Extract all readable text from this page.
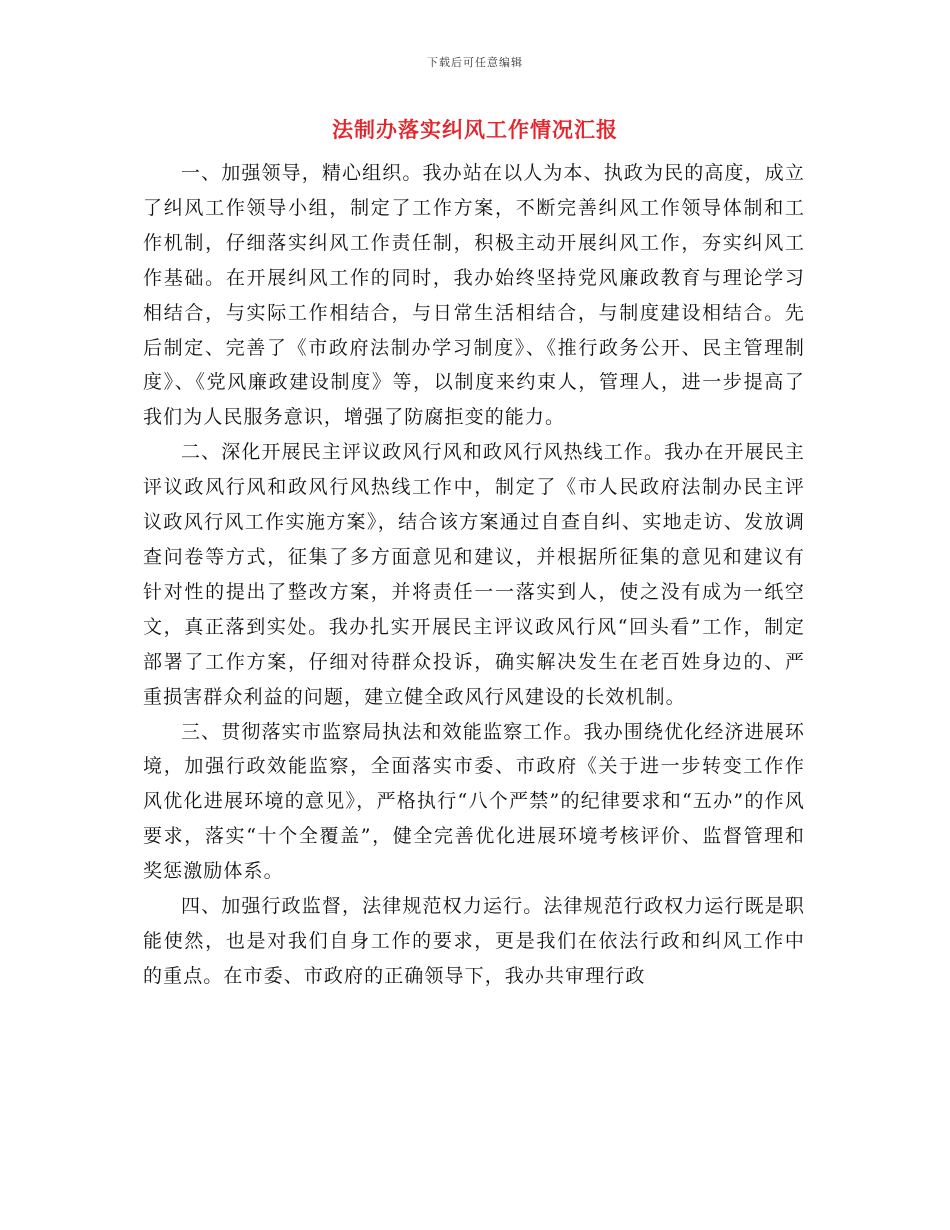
下载后可任意编辑
法制办落实纠风工作情况汇报

一、加强领导，精心组织。我办站在以人为本、执政为民的高度，成立了纠风工作领导小组，制定了工作方案，不断完善纠风工作领导体制和工作机制，仔细落实纠风工作责任制，积极主动开展纠风工作，夯实纠风工作基础。在开展纠风工作的同时，我办始终坚持党风廉政教育与理论学习相结合，与实际工作相结合，与日常生活相结合，与制度建设相结合。先后制定、完善了《市政府法制办学习制度》、《推行政务公开、民主管理制度》、《党风廉政建设制度》等，以制度来约束人，管理人，进一步提高了我们为人民服务意识，增强了防腐拒变的能力。

二、深化开展民主评议政风行风和政风行风热线工作。我办在开展民主评议政风行风和政风行风热线工作中，制定了《市人民政府法制办民主评议政风行风工作实施方案》，结合该方案通过自查自纠、实地走访、发放调查问卷等方式，征集了多方面意见和建议，并根据所征集的意见和建议有针对性的提出了整改方案，并将责任一一落实到人，使之没有成为一纸空文，真正落到实处。我办扎实开展民主评议政风行风“回头看”工作，制定部署了工作方案，仔细对待群众投诉，确实解决发生在老百姓身边的、严重损害群众利益的问题，建立健全政风行风建设的长效机制。

三、贯彻落实市监察局执法和效能监察工作。我办围绕优化经济进展环境，加强行政效能监察，全面落实市委、市政府《关于进一步转变工作作风优化进展环境的意见》，严格执行“八个严禁”的纪律要求和“五办”的作风要求，落实“十个全覆盖”，健全完善优化进展环境考核评价、监督管理和奖惩激励体系。

四、加强行政监督，法律规范权力运行。法律规范行政权力运行既是职能使然，也是对我们自身工作的要求，更是我们在依法行政和纠风工作中的重点。在市委、市政府的正确领导下，我办共审理行政
